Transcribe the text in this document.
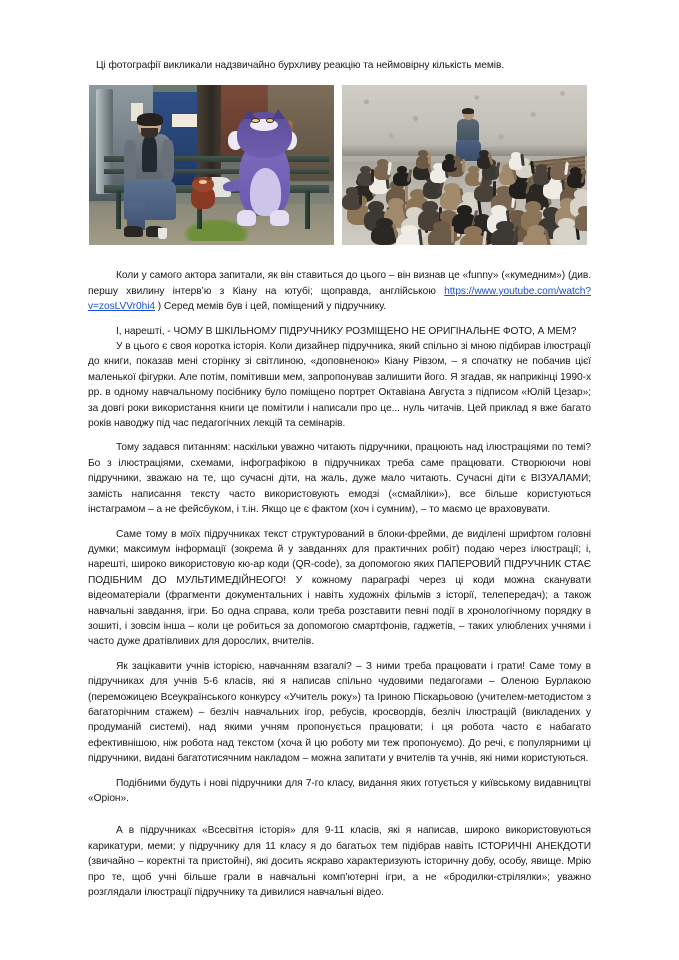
Ці фотографії викликали надзвичайно бурхливу реакцію та неймовірну кількість мемів.

Коли у самого актора запитали, як він ставиться до цього – він визнав це «funny» («кумедним») (див. першу хвилину інтерв’ю з Кіану на ютубі; щоправда, англійською https://www.youtube.com/watch?v=zosLVVr0hi4 ) Серед мемів був і цей, поміщений у підручнику.

І, нарешті, - ЧОМУ В ШКІЛЬНОМУ ПІДРУЧНИКУ РОЗМІЩЕНО НЕ ОРИГІНАЛЬНЕ ФОТО, А МЕМ?

У в цього є своя коротка історія. Коли дизайнер підручника, який спільно зі мною підбирав ілюстрації до книги, показав мені сторінку зі світлиною, «доповненою» Кіану Рівзом, – я спочатку не побачив цієї маленької фігурки. Але потім, помітивши мем, запропонував залишити його. Я згадав, як наприкінці 1990-х рр. в одному навчальному посібнику було поміщено портрет Октавіана Августа з підписом «Юлій Цезар»; за довгі роки використання книги це помітили і написали про це... нуль читачів. Цей приклад я вже багато років наводжу під час педагогічних лекцій та семінарів.

Тому задався питанням: наскільки уважно читають підручники, працюють над ілюстраціями по темі? Бо з ілюстраціями, схемами, інфографікою в підручниках треба саме працювати. Створюючи нові підручники, зважаю на те, що сучасні діти, на жаль, дуже мало читають. Сучасні діти є ВІЗУАЛАМИ; замість написання тексту часто використовують емодзі («смайліки»), все більше користуються інстаграмом – а не фейсбуком, і т.ін. Якщо це є фактом (хоч і сумним), – то маємо це враховувати.

Саме тому в моїх підручниках текст структурований в блоки-фрейми, де виділені шрифтом головні думки; максимум інформації (зокрема й у завданнях для практичних робіт) подаю через ілюстрації; і, нарешті, широко використовую кю-ар коди (QR-code), за допомогою яких ПАПЕРОВИЙ ПІДРУЧНИК СТАЄ ПОДІБНИМ ДО МУЛЬТИМЕДІЙНЕОГО! У кожному параграфі через ці коди можна сканувати відеоматеріали (фрагменти документальних і навіть художніх фільмів з історії, телепередач); а також навчальні завдання, ігри. Бо одна справа, коли треба розставити певні події в хронологічному порядку в зошиті, і зовсім інша – коли це робиться за допомогою смартфонів, гаджетів, – таких улюблених учнями і часто дуже дратівливих для дорослих, вчителів.

Як зацікавити учнів історією, навчанням взагалі? – З ними треба працювати і грати! Саме тому в підручниках для учнів 5-6 класів, які я написав спільно чудовими педагогами – Оленою Бурлакою (переможицею Всеукраїнського конкурсу «Учитель року») та Іриною Піскарьовою (учителем-методистом з багаторічним стажем) – безліч навчальних ігор, ребусів, кросвордів, безліч ілюстрацій (викладених у продуманій системі), над якими учням пропонується працювати; і ця робота часто є набагато ефективнішою, ніж робота над текстом (хоча й цю роботу ми теж пропонуємо). До речі, є популярними ці підручники, видані багатотисячним накладом – можна запитати у вчителів та учнів, які ними користуються.

Подібними будуть і нові підручники для 7-го класу, видання яких готується у київському видавництві «Оріон».

А в підручниках «Всесвітня історія» для 9-11 класів, які я написав, широко використовуються карикатури, меми; у підручнику для 11 класу я до багатьох тем підібрав навіть ІСТОРИЧНІ АНЕКДОТИ (звичайно – коректні та пристойні), які досить яскраво характеризують історичну добу, особу, явище. Мрію про те, щоб учні більше грали в навчальні комп’ютерні ігри, а не «бродилки-стрілялки»; уважно розглядали ілюстрації підручнику та дивилися навчальні відео.
